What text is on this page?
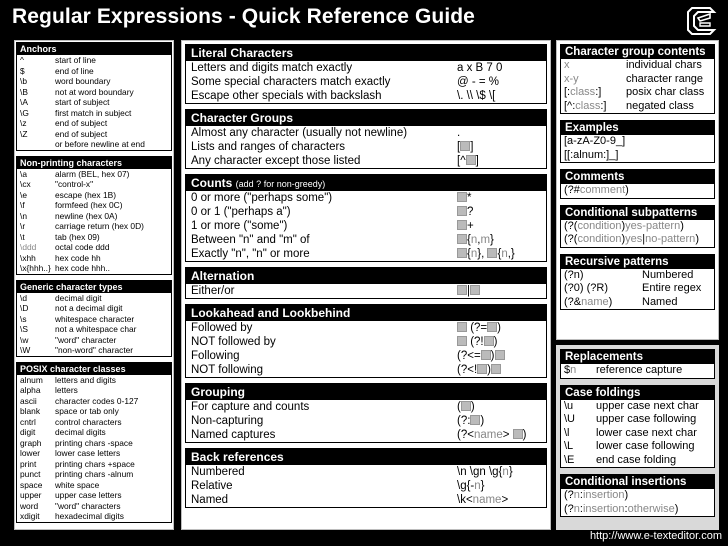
Regular Expressions - Quick Reference Guide
Anchors
^	start of line
$	end of line
\b	word boundary
\B	not at word boundary
\A	start of subject
\G	first match in subject
\z	end of subject
\Z	end of subject
or before newline at end
Non-printing characters
\a	alarm (BEL, hex 07)
\cx	"control-x"
\e	escape (hex 1B)
\f	formfeed (hex 0C)
\n	newline (hex 0A)
\r	carriage return (hex 0D)
\t	tab (hex 09)
\ddd	octal code ddd
\xhh	hex code hh
\x{hhh..} hex code hhh..
Generic character types
\d	decimal digit
\D	not a decimal digit
\s	whitespace character
\S	not a whitespace char
\w	"word" character
\W	"non-word" character
POSIX character classes
alnum	letters and digits
alpha	letters
ascii	character codes 0-127
blank	space or tab only
cntrl	control characters
digit	decimal digits
graph	printing chars -space
lower	lower case letters
print	printing chars +space
punct	printing chars -alnum
space	white space
upper	upper case letters
word	"word" characters
xdigit	hexadecimal digits
Literal Characters
Letters and digits match exactly	a x B 7 0
Some special characters match exactly	@ - = %
Escape other specials with backslash	\. \\ \$ \[
Character Groups
Almost any character (usually not newline)	.
Lists and ranges of characters	[ ]
Any character except those listed	[^ ]
Counts (add ? for non-greedy)
0 or more ("perhaps some")	*
0 or 1 ("perhaps a")	?
1 or more ("some")	+
Between "n" and "m" of	{n,m}
Exactly "n", "n" or more	{n}, {n,}
Alternation
Either/or	|
Lookahead and Lookbehind
Followed by	(?= )
NOT followed by	(?! )
Following	(?<= )
NOT following	(?<! )
Grouping
For capture and counts	( )
Non-capturing	(?: )
Named captures	(?<name> )
Back references
Numbered	\n \gn \g{n}
Relative	\g{-n}
Named	\k<name>
Character group contents
x	individual chars
x-y	character range
[:class:]	posix char class
[^:class:]	negated class
Examples
[a-zA-Z0-9_]
[[:alnum:]_]
Comments
(?#comment)
Conditional subpatterns
(?(condition)yes-pattern)
(?(condition)yes|no-pattern)
Recursive patterns
(?n)	Numbered
(?0) (?R)	Entire regex
(?&name)	Named
Replacements
$n	reference capture
Case foldings
\u	upper case next char
\U	upper case following
\l	lower case next char
\L	lower case following
\E	end case folding
Conditional insertions
(?n:insertion)
(?n:insertion:otherwise)
http://www.e-texteditor.com
